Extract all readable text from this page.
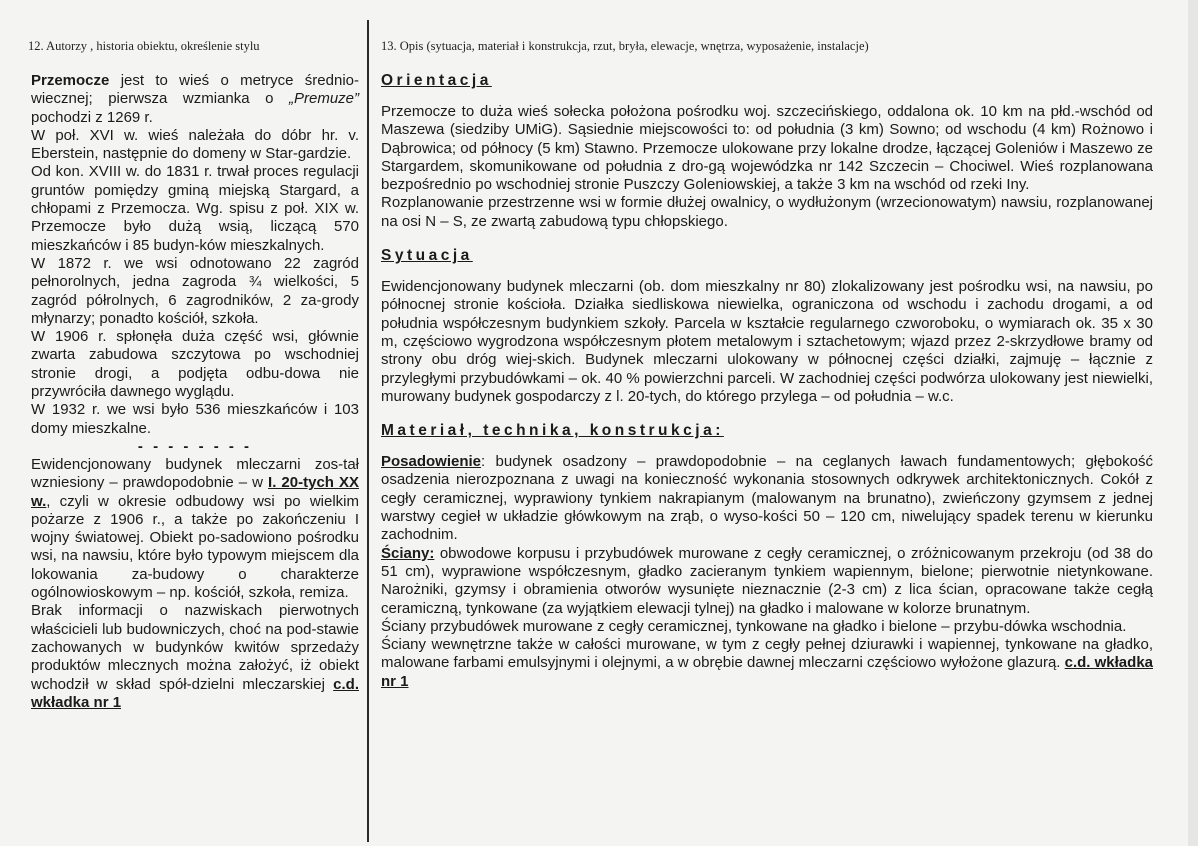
12. Autorzy , historia obiektu, określenie stylu	13. Opis (sytuacja, materiał i konstrukcja, rzut, bryła, elewacje, wnętrza, wyposażenie, instalacje)

Przemocze jest to wieś o metryce średnio-wiecznej; pierwsza wzmianka o „Premuze” pochodzi z 1269 r.

W poł. XVI w. wieś należała do dóbr hr. v. Eberstein, następnie do domeny w Star-gardzie.

Od kon. XVIII w. do 1831 r. trwał proces regulacji gruntów pomiędzy gminą miejską Stargard, a chłopami z Przemocza. Wg. spisu z poł. XIX w. Przemocze było dużą wsią, liczącą 570 mieszkańców i 85 budyn-ków mieszkalnych.

W 1872 r. we wsi odnotowano 22 zagród pełnorolnych, jedna zagroda ¾ wielkości, 5 zagród półrolnych, 6 zagrodników, 2 za-grody młynarzy; ponadto kościół, szkoła.

W 1906 r. spłonęła duża część wsi, głównie zwarta zabudowa szczytowa po wschodniej stronie drogi, a podjęta odbu-dowa nie przywróciła dawnego wyglądu.

W 1932 r. we wsi było 536 mieszkańców i 103 domy mieszkalne.

- - - - - - - -

Ewidencjonowany budynek mleczarni zos-tał wzniesiony – prawdopodobnie – w I. 20-tych XX w., czyli w okresie odbudowy wsi po wielkim pożarze z 1906 r., a także po zakończeniu I wojny światowej. Obiekt po-sadowiono pośrodku wsi, na nawsiu, które było typowym miejscem dla lokowania za-budowy o charakterze ogólnowioskowym – np. kościół, szkoła, remiza.

Brak informacji o nazwiskach pierwotnych właścicieli lub budowniczych, choć na pod-stawie zachowanych w budynków kwitów sprzedaży produktów mlecznych można założyć, iż obiekt wchodził w skład spół-dzielni mleczarskiej c.d. wkładka nr 1

Orientacja

Przemocze to duża wieś sołecka położona pośrodku woj. szczecińskiego, oddalona ok. 10 km na płd.-wschód od Maszewa (siedziby UMiG). Sąsiednie miejscowości to: od południa (3 km) Sowno; od wschodu (4 km) Rożnowo i Dąbrowica; od północy (5 km) Stawno. Przemocze ulokowane przy lokalne drodze, łączącej Goleniów i Maszewo ze Stargardem, skomunikowane od południa z dro-gą wojewódzka nr 142 Szczecin – Chociwel. Wieś rozplanowana bezpośrednio po wschodniej stronie Puszczy Goleniowskiej, a także 3 km na wschód od rzeki Iny.

Rozplanowanie przestrzenne wsi w formie dłużej owalnicy, o wydłużonym (wrzecionowatym) nawsiu, rozplanowanej na osi N – S, ze zwartą zabudową typu chłopskiego.

Sytuacja

Ewidencjonowany budynek mleczarni (ob. dom mieszkalny nr 80) zlokalizowany jest pośrodku wsi, na nawsiu, po północnej stronie kościoła. Działka siedliskowa niewielka, ograniczona od wschodu i zachodu drogami, a od południa współczesnym budynkiem szkoły. Parcela w kształcie regularnego czworoboku, o wymiarach ok. 35 x 30 m, częściowo wygrodzona współczesnym płotem metalowym i sztachetowym; wjazd przez 2-skrzydłowe bramy od strony obu dróg wiej-skich. Budynek mleczarni ulokowany w północnej części działki, zajmuję – łącznie z przyległymi przybudówkami – ok. 40 % powierzchni parceli. W zachodniej części podwórza ulokowany jest niewielki, murowany budynek gospodarczy z l. 20-tych, do którego przylega – od południa – w.c.

Materiał, technika, konstrukcja:

Posadowienie: budynek osadzony – prawdopodobnie – na ceglanych ławach fundamentowych; głębokość osadzenia nierozpoznana z uwagi na konieczność wykonania stosownych odkrywek architektonicznych. Cokół z cegły ceramicznej, wyprawiony tynkiem nakrapianym (malowanym na brunatno), zwieńczony gzymsem z jednej warstwy cegieł w układzie główkowym na zrąb, o wyso-kości 50 – 120 cm, niwelujący spadek terenu w kierunku zachodnim.

Ściany: obwodowe korpusu i przybudówek murowane z cegły ceramicznej, o zróżnicowanym przekroju (od 38 do 51 cm), wyprawione współczesnym, gładko zacieranym tynkiem wapiennym, bielone; pierwotnie nietynkowane. Narożniki, gzymsy i obramienia otworów wysunięte nieznacznie (2-3 cm) z lica ścian, opracowane także cegłą ceramiczną, tynkowane (za wyjątkiem elewacji tylnej) na gładko i malowane w kolorze brunatnym.

Ściany przybudówek murowane z cegły ceramicznej, tynkowane na gładko i bielone – przybu-dówka wschodnia.

Ściany wewnętrzne także w całości murowane, w tym z cegły pełnej dziurawki i wapiennej, tynkowane na gładko, malowane farbami emulsyjnymi i olejnymi, a w obrębie dawnej mleczarni częściowo wyłożone glazurą. c.d. wkładka nr 1
